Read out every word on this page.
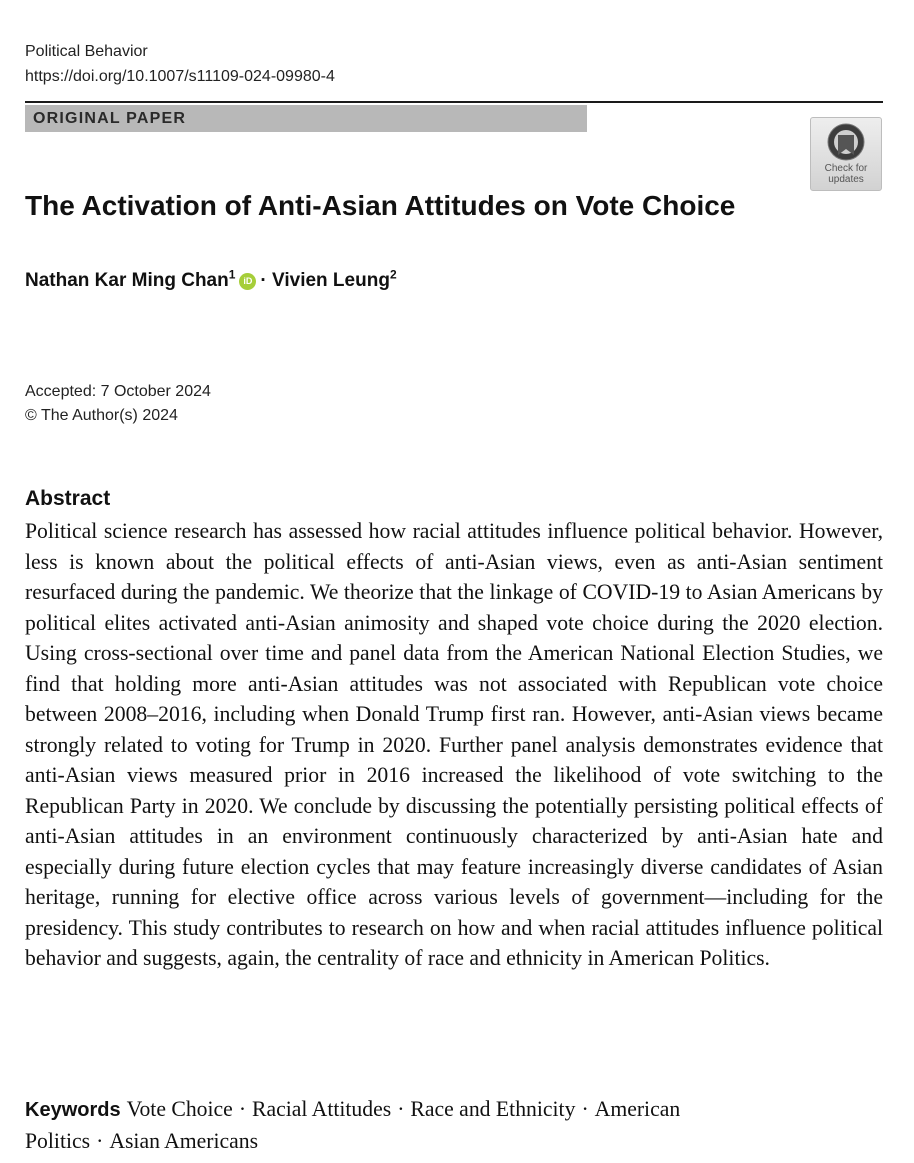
Political Behavior
https://doi.org/10.1007/s11109-024-09980-4
ORIGINAL PAPER
Check for
updates
The Activation of Anti-Asian Attitudes on Vote Choice
Nathan Kar Ming Chan$^1$ iD · Vivien Leung$^2$
Accepted: 7 October 2024
© The Author(s) 2024
Abstract

Political science research has assessed how racial attitudes influence political behavior. However, less is known about the political effects of anti-Asian views, even as anti-Asian sentiment resurfaced during the pandemic. We theorize that the linkage of COVID-19 to Asian Americans by political elites activated anti-Asian animosity and shaped vote choice during the 2020 election. Using cross-sectional over time and panel data from the American National Election Studies, we find that holding more anti-Asian attitudes was not associated with Republican vote choice between 2008–2016, including when Donald Trump first ran. However, anti-Asian views became strongly related to voting for Trump in 2020. Further panel analysis demonstrates evidence that anti-Asian views measured prior in 2016 increased the likelihood of vote switching to the Republican Party in 2020. We conclude by discussing the potentially persisting political effects of anti-Asian attitudes in an environment continuously characterized by anti-Asian hate and especially during future election cycles that may feature increasingly diverse candidates of Asian heritage, running for elective office across various levels of government—including for the presidency. This study contributes to research on how and when racial attitudes influence political behavior and suggests, again, the centrality of race and ethnicity in American Politics.

Keywords Vote Choice · Racial Attitudes · Race and Ethnicity · American Politics · Asian Americans
